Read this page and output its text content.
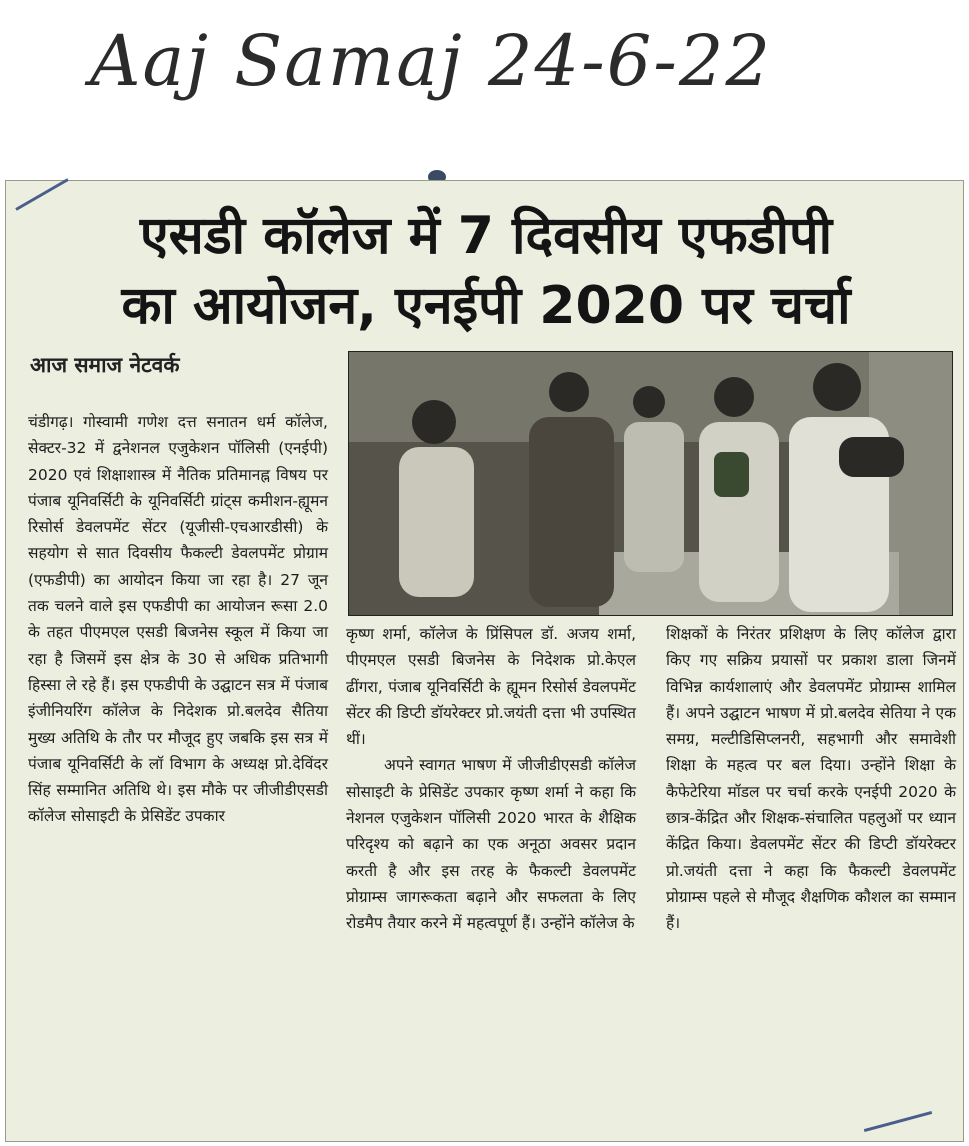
Aaj Samaj 24-6-22
एसडी कॉलेज में 7 दिवसीय एफडीपी
का आयोजन, एनईपी 2020 पर चर्चा
आज समाज नेटवर्क

चंडीगढ़। गोस्वामी गणेश दत्त सनातन धर्म कॉलेज, सेक्टर-32 में द्वनेशनल एजुकेशन पॉलिसी (एनईपी) 2020 एवं शिक्षाशास्त्र में नैतिक प्रतिमानह्न विषय पर पंजाब यूनिवर्सिटी के यूनिवर्सिटी ग्रांट्स कमीशन-ह्यूमन रिसोर्स डेवलपमेंट सेंटर (यूजीसी-एचआरडीसी) के सहयोग से सात दिवसीय फैकल्टी डेवलपमेंट प्रोग्राम (एफडीपी) का आयोदन किया जा रहा है। 27 जून तक चलने वाले इस एफडीपी का आयोजन रूसा 2.0 के तहत पीएमएल एसडी बिजनेस स्कूल में किया जा रहा है जिसमें इस क्षेत्र के 30 से अधिक प्रतिभागी हिस्सा ले रहे हैं। इस एफडीपी के उद्घाटन सत्र में पंजाब इंजीनियरिंग कॉलेज के निदेशक प्रो.बलदेव सैतिया मुख्य अतिथि के तौर पर मौजूद हुए जबकि इस सत्र में पंजाब यूनिवर्सिटी के लॉ विभाग के अध्यक्ष प्रो.देविंदर सिंह सम्मानित अतिथि थे। इस मौके पर जीजीडीएसडी कॉलेज सोसाइटी के प्रेसिडेंट उपकार

कृष्ण शर्मा, कॉलेज के प्रिंसिपल डॉ. अजय शर्मा, पीएमएल एसडी बिजनेस के निदेशक प्रो.केएल ढींगरा, पंजाब यूनिवर्सिटी के ह्यूमन रिसोर्स डेवलपमेंट सेंटर की डिप्टी डॉयरेक्टर प्रो.जयंती दत्ता भी उपस्थित थीं।

अपने स्वागत भाषण में जीजीडीएसडी कॉलेज सोसाइटी के प्रेसिडेंट उपकार कृष्ण शर्मा ने कहा कि नेशनल एजुकेशन पॉलिसी 2020 भारत के शैक्षिक परिदृश्य को बढ़ाने का एक अनूठा अवसर प्रदान करती है और इस तरह के फैकल्टी डेवलपमेंट प्रोग्राम्स जागरूकता बढ़ाने और सफलता के लिए रोडमैप तैयार करने में महत्वपूर्ण हैं। उन्होंने कॉलेज के

शिक्षकों के निरंतर प्रशिक्षण के लिए कॉलेज द्वारा किए गए सक्रिय प्रयासों पर प्रकाश डाला जिनमें विभिन्न कार्यशालाएं और डेवलपमेंट प्रोग्राम्स शामिल हैं। अपने उद्घाटन भाषण में प्रो.बलदेव सेतिया ने एक समग्र, मल्टीडिसिप्लनरी, सहभागी और समावेशी शिक्षा के महत्व पर बल दिया। उन्होंने शिक्षा के कैफेटेरिया मॉडल पर चर्चा करके एनईपी 2020 के छात्र-केंद्रित और शिक्षक-संचालित पहलुओं पर ध्यान केंद्रित किया। डेवलपमेंट सेंटर की डिप्टी डॉयरेक्टर प्रो.जयंती दत्ता ने कहा कि फैकल्टी डेवलपमेंट प्रोग्राम्स पहले से मौजूद शैक्षणिक कौशल का सम्मान हैं।
